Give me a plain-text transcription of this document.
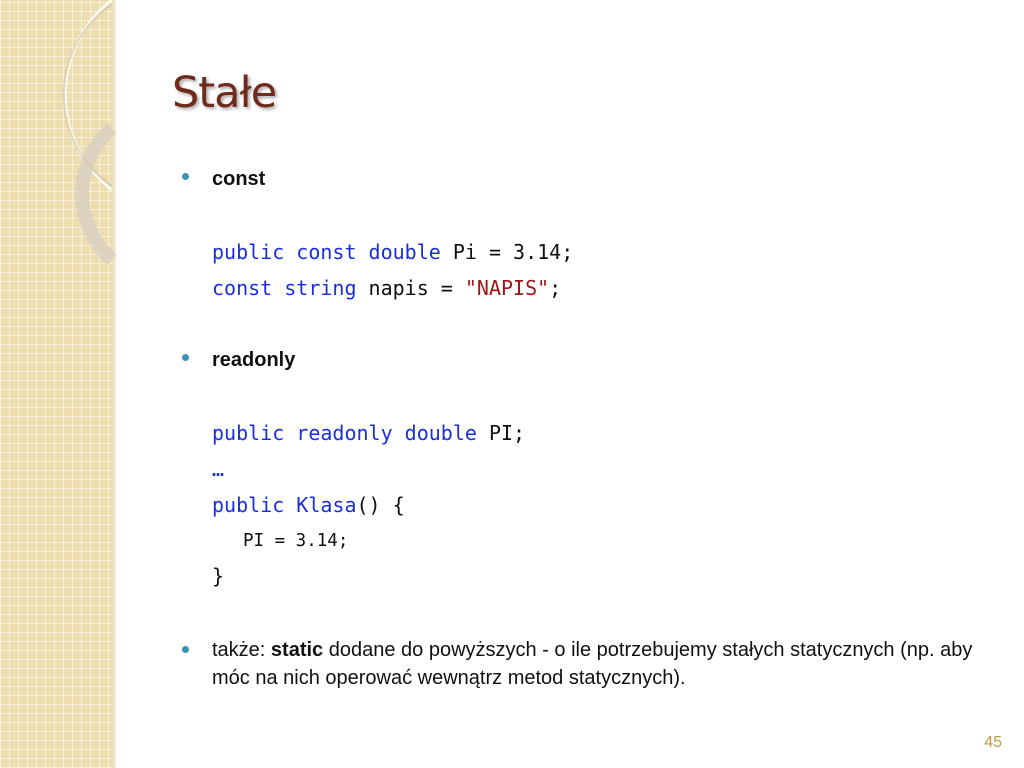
Stałe
const
public const double Pi = 3.14;
const string napis = "NAPIS";
readonly
public readonly double PI;
…
public Klasa() {
PI = 3.14;
}
także: static dodane do powyższych - o ile potrzebujemy stałych statycznych (np. aby móc na nich operować wewnątrz metod statycznych).
45
